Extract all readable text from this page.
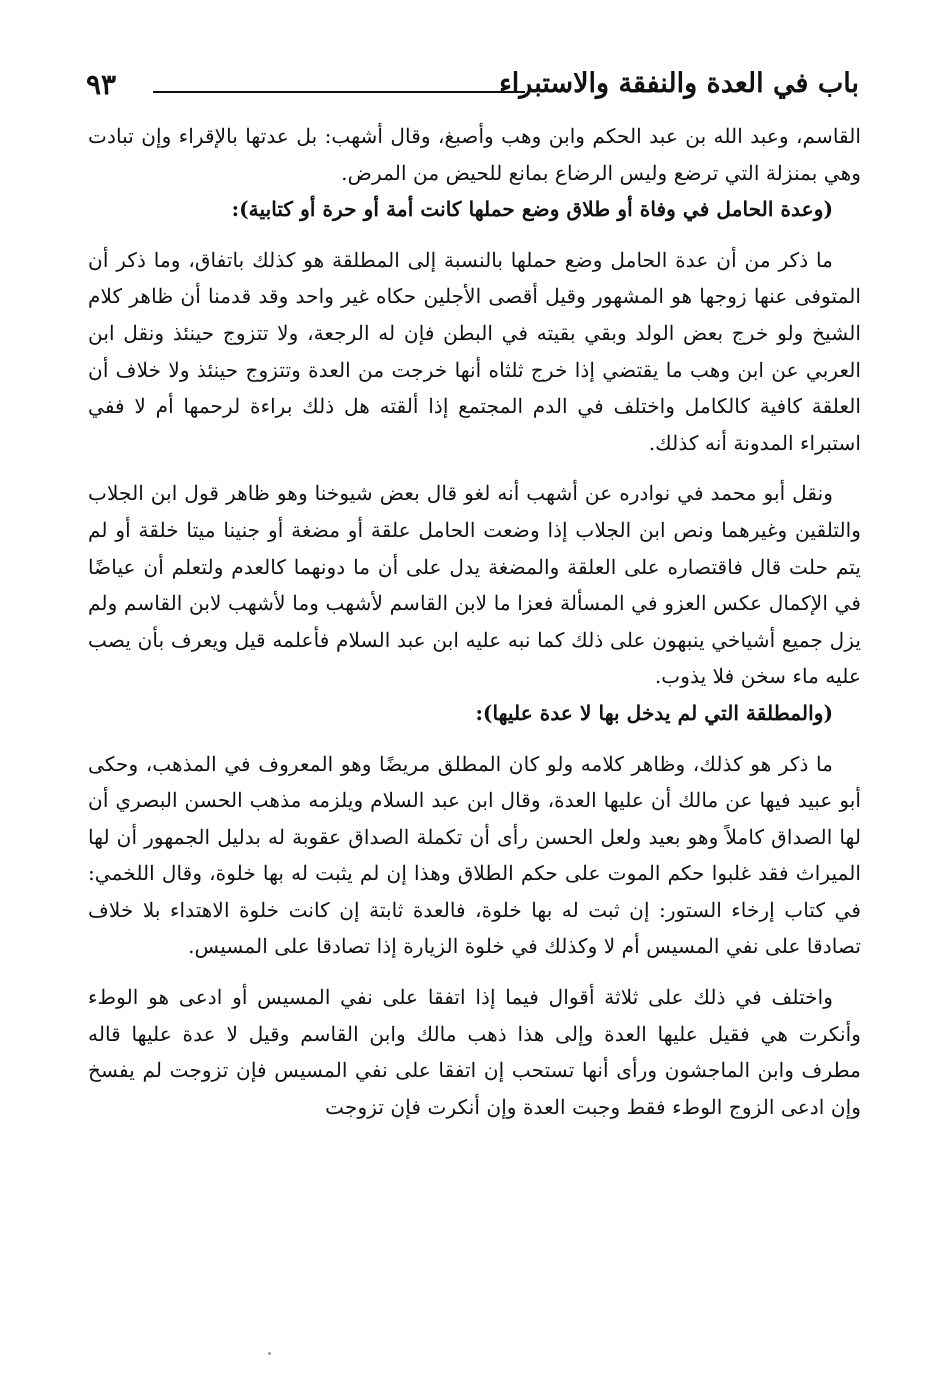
باب في العدة والنفقة والاستبراء
٩٣

القاسم، وعبد الله بن عبد الحكم وابن وهب وأصبغ، وقال أشهب: بل عدتها بالإقراء وإن تبادت وهي بمنزلة التي ترضع وليس الرضاع بمانع للحيض من المرض.

(وعدة الحامل في وفاة أو طلاق وضع حملها كانت أمة أو حرة أو كتابية):

ما ذكر من أن عدة الحامل وضع حملها بالنسبة إلى المطلقة هو كذلك باتفاق، وما ذكر أن المتوفى عنها زوجها هو المشهور وقيل أقصى الأجلين حكاه غير واحد وقد قدمنا أن ظاهر كلام الشيخ ولو خرج بعض الولد وبقي بقيته في البطن فإن له الرجعة، ولا تتزوج حينئذ ونقل ابن العربي عن ابن وهب ما يقتضي إذا خرج ثلثاه أنها خرجت من العدة وتتزوج حينئذ ولا خلاف أن العلقة كافية كالكامل واختلف في الدم المجتمع إذا ألقته هل ذلك براءة لرحمها أم لا ففي استبراء المدونة أنه كذلك.

ونقل أبو محمد في نوادره عن أشهب أنه لغو قال بعض شيوخنا وهو ظاهر قول ابن الجلاب والتلقين وغيرهما ونص ابن الجلاب إذا وضعت الحامل علقة أو مضغة أو جنينا ميتا خلقة أو لم يتم حلت قال فاقتصاره على العلقة والمضغة يدل على أن ما دونهما كالعدم ولتعلم أن عياضًا في الإكمال عكس العزو في المسألة فعزا ما لابن القاسم لأشهب وما لأشهب لابن القاسم ولم يزل جميع أشياخي ينبهون على ذلك كما نبه عليه ابن عبد السلام فأعلمه قيل ويعرف بأن يصب عليه ماء سخن فلا يذوب.

(والمطلقة التي لم يدخل بها لا عدة عليها):

ما ذكر هو كذلك، وظاهر كلامه ولو كان المطلق مريضًا وهو المعروف في المذهب، وحكى أبو عبيد فيها عن مالك أن عليها العدة، وقال ابن عبد السلام ويلزمه مذهب الحسن البصري أن لها الصداق كاملاً وهو بعيد ولعل الحسن رأى أن تكملة الصداق عقوبة له بدليل الجمهور أن لها الميراث فقد غلبوا حكم الموت على حكم الطلاق وهذا إن لم يثبت له بها خلوة، وقال اللخمي: في كتاب إرخاء الستور: إن ثبت له بها خلوة، فالعدة ثابتة إن كانت خلوة الاهتداء بلا خلاف تصادقا على نفي المسيس أم لا وكذلك في خلوة الزيارة إذا تصادقا على المسيس.

واختلف في ذلك على ثلاثة أقوال فيما إذا اتفقا على نفي المسيس أو ادعى هو الوطء وأنكرت هي فقيل عليها العدة وإلى هذا ذهب مالك وابن القاسم وقيل لا عدة عليها قاله مطرف وابن الماجشون ورأى أنها تستحب إن اتفقا على نفي المسيس فإن تزوجت لم يفسخ وإن ادعى الزوج الوطء فقط وجبت العدة وإن أنكرت فإن تزوجت
